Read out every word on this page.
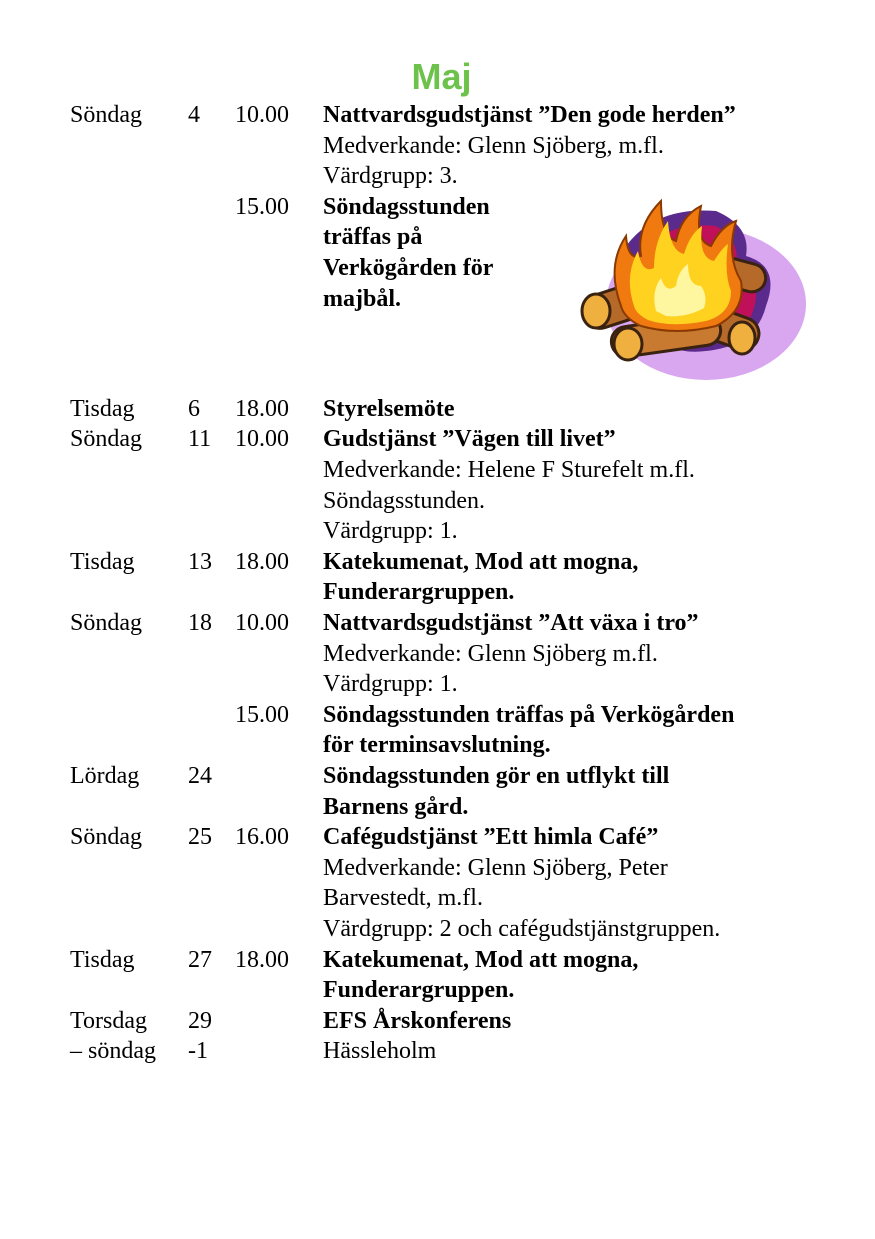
Maj
Söndag 4 10.00 Nattvardsgudstjänst ”Den gode herden”
Medverkande: Glenn Sjöberg, m.fl.
Värdgrupp: 3.
15.00 Söndagsstunden
träffas på
Verkögården för
majbål.
Tisdag 6 18.00 Styrelsemöte
Söndag 11 10.00 Gudstjänst ”Vägen till livet”
Medverkande: Helene F Sturefelt m.fl.
Söndagsstunden.
Värdgrupp: 1.
Tisdag 13 18.00 Katekumenat, Mod att mogna,
Funderargruppen.
Söndag 18 10.00 Nattvardsgudstjänst ”Att växa i tro”
Medverkande: Glenn Sjöberg m.fl.
Värdgrupp: 1.
15.00 Söndagsstunden träffas på Verkögården
för terminsavslutning.
Lördag 24	Söndagsstunden gör en utflykt till
Barnens gård.
Söndag 25 16.00 Cafégudstjänst ”Ett himla Café”
Medverkande: Glenn Sjöberg, Peter
Barvestedt, m.fl.
Värdgrupp: 2 och cafégudstjänstgruppen.
Tisdag 27 18.00 Katekumenat, Mod att mogna,
Funderargruppen.
Torsdag 29	EFS Årskonferens
– söndag -1	Hässleholm
